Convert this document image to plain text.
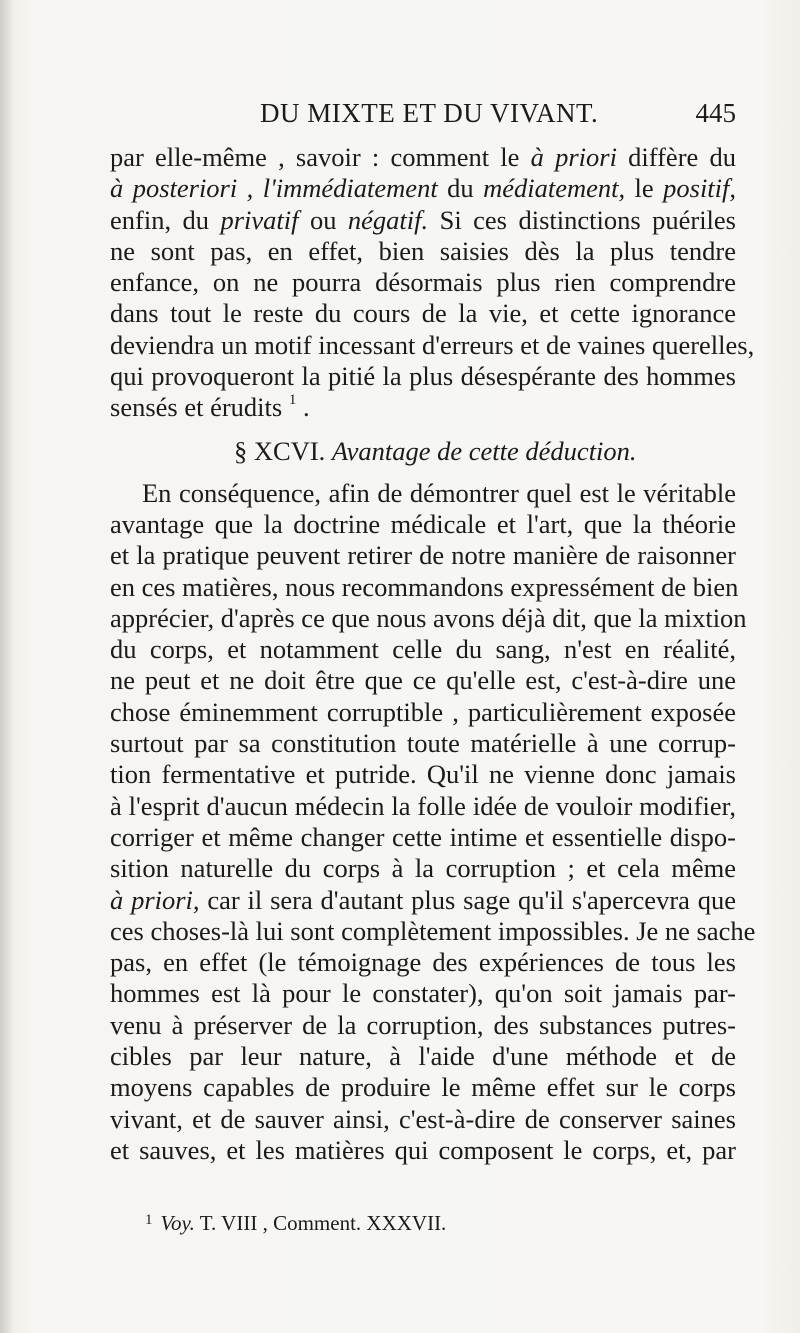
DU MIXTE ET DU VIVANT.	445
par elle-même , savoir : comment le à priori diffère du
à posteriori , l'immédiatement du médiatement, le positif,
enfin, du privatif ou négatif. Si ces distinctions puériles
ne sont pas, en effet, bien saisies dès la plus tendre
enfance, on ne pourra désormais plus rien comprendre
dans tout le reste du cours de la vie, et cette ignorance
deviendra un motif incessant d'erreurs et de vaines querelles,
qui provoqueront la pitié la plus désespérante des hommes
sensés et érudits $^1$ .
§ XCVI. Avantage de cette déduction.
En conséquence, afin de démontrer quel est le véritable
avantage que la doctrine médicale et l'art, que la théorie
et la pratique peuvent retirer de notre manière de raisonner
en ces matières, nous recommandons expressément de bien
apprécier, d'après ce que nous avons déjà dit, que la mixtion
du corps, et notamment celle du sang, n'est en réalité,
ne peut et ne doit être que ce qu'elle est, c'est-à-dire une
chose éminemment corruptible , particulièrement exposée
surtout par sa constitution toute matérielle à une corrup-
tion fermentative et putride. Qu'il ne vienne donc jamais
à l'esprit d'aucun médecin la folle idée de vouloir modifier,
corriger et même changer cette intime et essentielle dispo-
sition naturelle du corps à la corruption ; et cela même
à priori, car il sera d'autant plus sage qu'il s'apercevra que
ces choses-là lui sont complètement impossibles. Je ne sache
pas, en effet (le témoignage des expériences de tous les
hommes est là pour le constater), qu'on soit jamais par-
venu à préserver de la corruption, des substances putres-
cibles par leur nature, à l'aide d'une méthode et de
moyens capables de produire le même effet sur le corps
vivant, et de sauver ainsi, c'est-à-dire de conserver saines
et sauves, et les matières qui composent le corps, et, par
$^1$ Voy. T. VIII , Comment. XXXVII.
